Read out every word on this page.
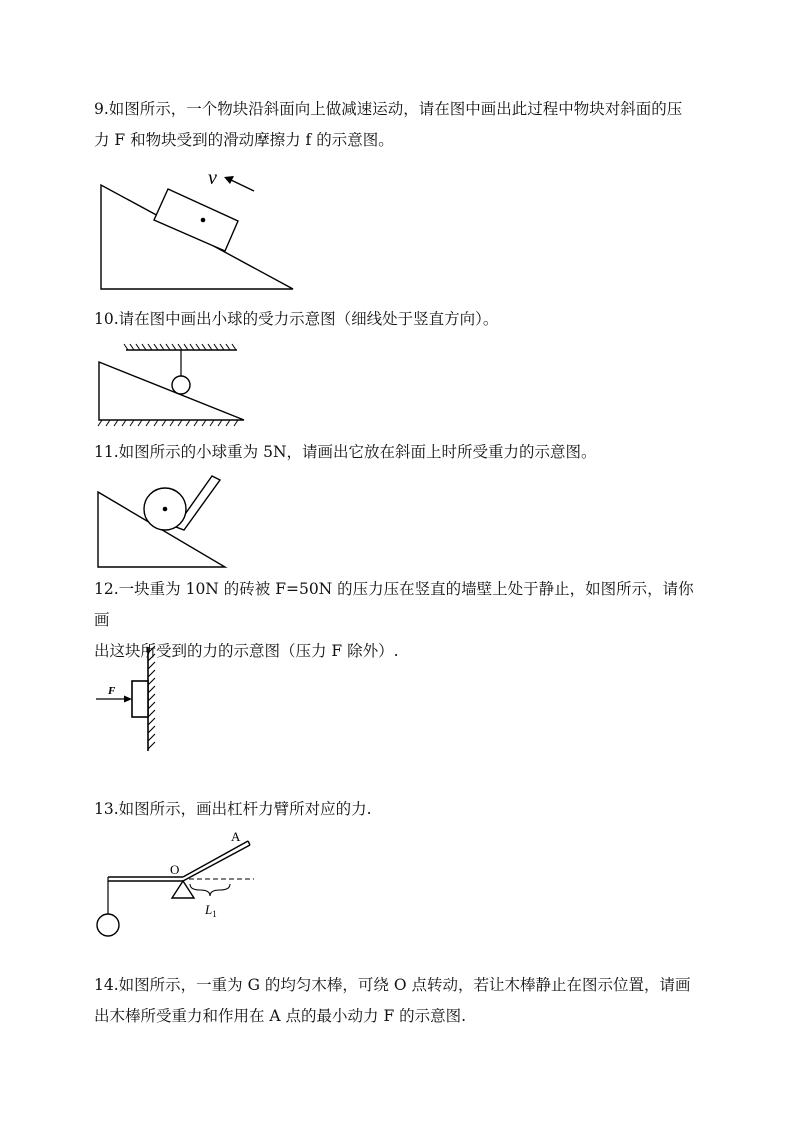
9.如图所示，一个物块沿斜面向上做减速运动，请在图中画出此过程中物块对斜面的压
力 F 和物块受到的滑动摩擦力 f 的示意图。

v

10.请在图中画出小球的受力示意图（细线处于竖直方向）。

11.如图所示的小球重为 5N，请画出它放在斜面上时所受重力的示意图。

12.一块重为 10N 的砖被 F=50N 的压力压在竖直的墙壁上处于静止，如图所示，请你画
出这块所受到的力的示意图（压力 F 除外）.

F

13.如图所示，画出杠杆力臂所对应的力.

A
O
$L_1$

14.如图所示，一重为 G 的均匀木棒，可绕 O 点转动，若让木棒静止在图示位置，请画
出木棒所受重力和作用在 A 点的最小动力 F 的示意图.
